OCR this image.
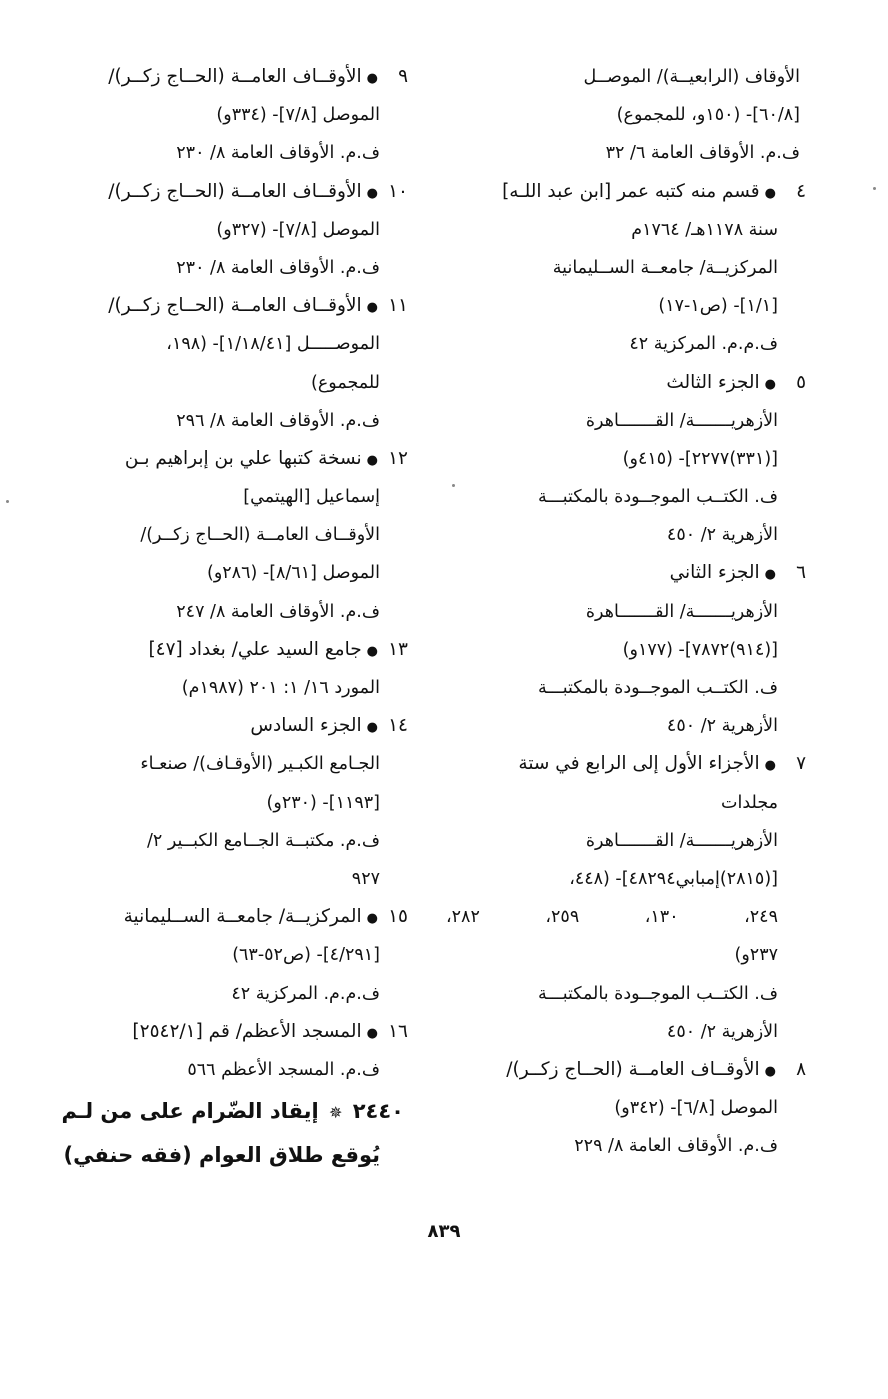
الأوقاف (الرابعيــة)/ الموصــل
[٦٠/٨]- (١٥٠و، للمجموع)
ف.م. الأوقاف العامة ٦/ ٣٢
٤●قسم منه كتبه عمر [ابن عبد اللـه]
سنة ١١٧٨هـ/ ١٧٦٤م
المركزيــة/ جامعــة الســليمانية
[١/١]- (ص١-١٧)
ف.م.م. المركزية ٤٢
٥●الجزء الثالث
الأزهريـــــــة/ القـــــــاهرة
[(٣٣١)٢٢٧٧]- (٤١٥و)
ف. الكتــب الموجــودة بالمكتبـــة
الأزهرية ٢/ ٤٥٠
٦●الجزء الثاني
الأزهريـــــــة/ القـــــــاهرة
[(٩١٤)٧٨٧٢]- (١٧٧و)
ف. الكتــب الموجــودة بالمكتبـــة
الأزهرية ٢/ ٤٥٠
٧●الأجزاء الأول إلى الرابع في ستة
مجلدات
الأزهريـــــــة/ القـــــــاهرة
[(٢٨١٥)إمبابي٤٨٢٩٤]- (٤٤٨،
٢٤٩، ١٣٠، ٢٥٩، ٢٨٢،
٢٣٧و)
ف. الكتــب الموجــودة بالمكتبـــة
الأزهرية ٢/ ٤٥٠
٨●الأوقــاف العامــة (الحــاج زكــر)/
الموصل [٦/٨]- (٣٤٢و)
ف.م. الأوقاف العامة ٨/ ٢٢٩
٩●الأوقــاف العامــة (الحــاج زكــر)/
الموصل [٧/٨]- (٣٣٤و)
ف.م. الأوقاف العامة ٨/ ٢٣٠
١٠●الأوقــاف العامــة (الحــاج زكــر)/
الموصل [٧/٨]- (٣٢٧و)
ف.م. الأوقاف العامة ٨/ ٢٣٠
١١●الأوقــاف العامــة (الحــاج زكــر)/
الموصـــــل [١/١٨/٤١]- (١٩٨،
للمجموع)
ف.م. الأوقاف العامة ٨/ ٢٩٦
١٢●نسخة كتبها علي بن إبراهيم بـن
إسماعيل [الهيتمي]
الأوقــاف العامــة (الحــاج زكــر)/
الموصل [٨/٦١]- (٢٨٦و)
ف.م. الأوقاف العامة ٨/ ٢٤٧
١٣●جامع السيد علي/ بغداد [٤٧]
المورد ١٦/ ١: ٢٠١ (١٩٨٧م)
١٤●الجزء السادس
الجـامع الكبـير (الأوقـاف)/ صنعـاء
[١١٩٣]- (٢٣٠و)
ف.م. مكتبــة الجــامع الكبــير ٢/
٩٢٧
١٥●المركزيــة/ جامعــة الســليمانية
[٤/٢٩١]- (ص٥٢-٦٣)
ف.م.م. المركزية ٤٢
١٦●المسجد الأعظم/ قم [٢٥٤٢/١]
ف.م. المسجد الأعظم ٥٦٦
٢٤٤٠ ✵ إيقاد الضّرام على من لـم
يُوقع طلاق العوام (فقه حنفي)
٨٣٩
